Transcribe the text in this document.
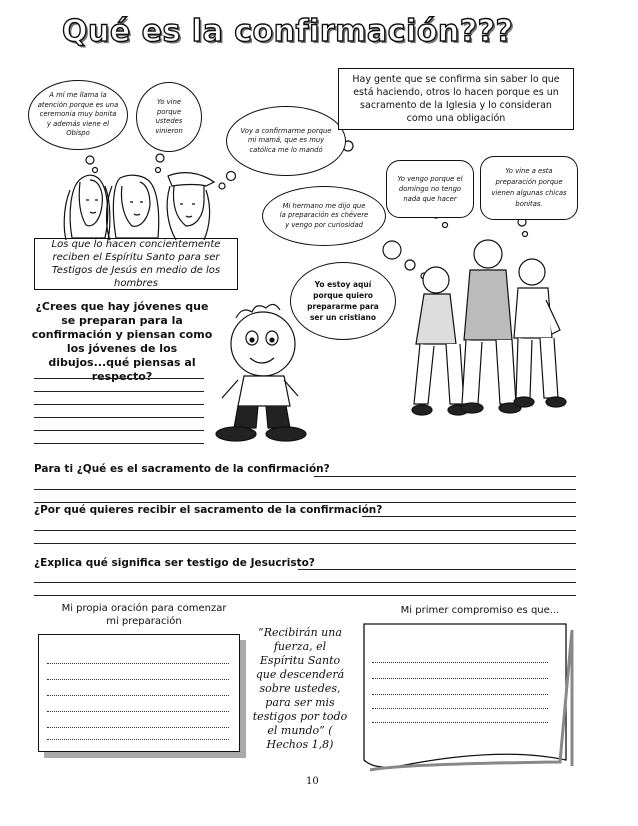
Qué es la confirmación???
A mí me llama la atención porque es una ceremonia muy bonita y además viene el Obispo
Yo vine porque ustedes vinieron	Voy a confirmarme porque mi mamá, que es muy católica me lo mandó
Hay gente que se confirma sin saber lo que está haciendo, otros lo hacen porque es un sacramento de la Iglesia y lo consideran como una obligación
Yo vengo porque el domingo no tengo nada que hacer
Yo vine a esta preparación porque vienen algunas chicas bonitas.
Mi hermano me dijo que la preparación es chévere y vengo por curiosidad
Yo estoy aquí porque quiero prepararme para ser un cristiano
Los que lo hacen concientemente reciben el Espíritu Santo para ser Testigos de Jesús en medio de los hombres
¿Crees que hay jóvenes que se preparan para la confirmación y piensan como los jóvenes de los dibujos...qué piensas al respecto?
Para ti ¿Qué es el sacramento de la confirmación?
¿Por qué quieres recibir el sacramento de la confirmación?
¿Explica qué significa ser testigo de Jesucristo?
Mi propia oración para comenzar mi preparación
“Recibirán una fuerza, el Espíritu Santo que descenderá sobre ustedes, para ser mis testigos por todo el mundo” ( Hechos 1,8)
Mi primer compromiso es que...
10
